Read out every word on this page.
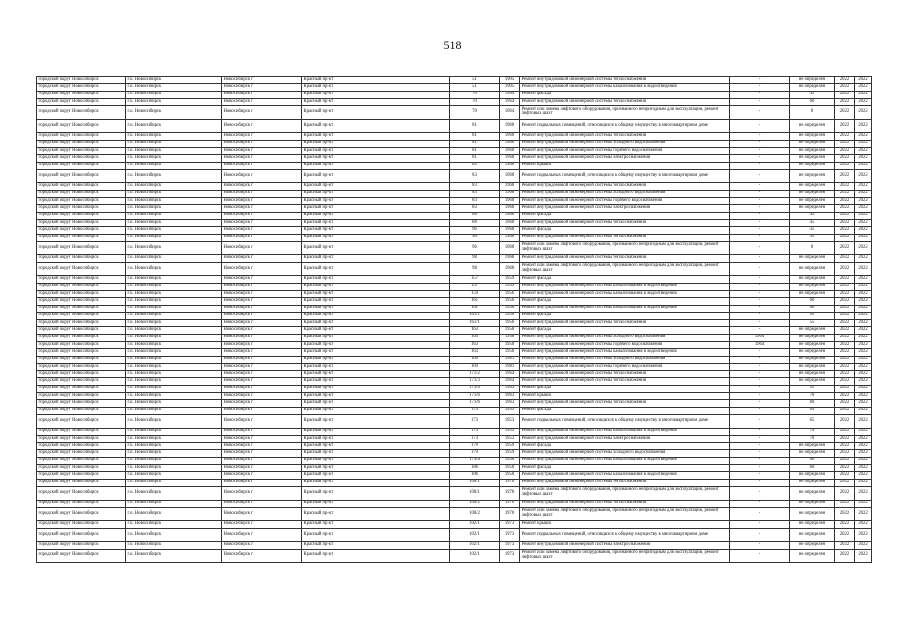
518
городской округ Новосибирск	г.о. Новосибирск	Новосибирск г	Красный пр-кт	51	1905	Ремонт внутридомовой инженерной системы теплоснабжения	-	не определен	2022	2022
городской округ Новосибирск	г.о. Новосибирск	Новосибирск г	Красный пр-кт	51	1905	Ремонт внутридомовой инженерной системы канализования и водоотведения	-	не определен	2022	2022
городской округ Новосибирск	г.о. Новосибирск	Новосибирск г	Красный пр-кт	70	1964	Ремонт фасада	-	45	2022	2022
городской округ Новосибирск	г.о. Новосибирск	Новосибирск г	Красный пр-кт	70	1964	Ремонт внутридомовой инженерной системы теплоснабжения	-	60	2022	2022
городской округ Новосибирск	г.о. Новосибирск	Новосибирск г	Красный пр-кт	70	1964	Ремонт или замена лифтового оборудования, признанного непригодным для эксплуатации, ремонт лифтовых шахт	-	0	2022	2022
городской округ Новосибирск	г.о. Новосибирск	Новосибирск г	Красный пр-кт	81	1968	Ремонт подвальных помещений, относящихся к общему имуществу в многоквартирном доме	-	не определен	2022	2022
городской округ Новосибирск	г.о. Новосибирск	Новосибирск г	Красный пр-кт	81	1968	Ремонт внутридомовой инженерной системы теплоснабжения	-	не определен	2022	2022
городской округ Новосибирск	г.о. Новосибирск	Новосибирск г	Красный пр-кт	81	1968	Ремонт внутридомовой инженерной системы холодного водоснабжения	-	не определен	2022	2022
городской округ Новосибирск	г.о. Новосибирск	Новосибирск г	Красный пр-кт	81	1968	Ремонт внутридомовой инженерной системы горячего водоснабжения	-	не определен	2022	2022
городской округ Новосибирск	г.о. Новосибирск	Новосибирск г	Красный пр-кт	81	1968	Ремонт внутридомовой инженерной системы электроснабжения	-	не определен	2022	2022
городской округ Новосибирск	г.о. Новосибирск	Новосибирск г	Красный пр-кт	83	1968	Ремонт крыши	-	не определен	2022	2022
городской округ Новосибирск	г.о. Новосибирск	Новосибирск г	Красный пр-кт	83	1968	Ремонт подвальных помещений, относящихся к общему имуществу в многоквартирном доме	-	не определен	2022	2022
городской округ Новосибирск	г.о. Новосибирск	Новосибирск г	Красный пр-кт	83	1968	Ремонт внутридомовой инженерной системы теплоснабжения	-	не определен	2022	2022
городской округ Новосибирск	г.о. Новосибирск	Новосибирск г	Красный пр-кт	83	1968	Ремонт внутридомовой инженерной системы холодного водоснабжения	-	не определен	2022	2022
городской округ Новосибирск	г.о. Новосибирск	Новосибирск г	Красный пр-кт	83	1968	Ремонт внутридомовой инженерной системы горячего водоснабжения	-	не определен	2022	2022
городской округ Новосибирск	г.о. Новосибирск	Новосибирск г	Красный пр-кт	83	1968	Ремонт внутридомовой инженерной системы электроснабжения	-	не определен	2022	2022
городской округ Новосибирск	г.о. Новосибирск	Новосибирск г	Красный пр-кт	88	1968	Ремонт фасада	-	45	2022	2022
городской округ Новосибирск	г.о. Новосибирск	Новосибирск г	Красный пр-кт	88	1968	Ремонт внутридомовой инженерной системы теплоснабжения	-	45	2022	2022
городской округ Новосибирск	г.о. Новосибирск	Новосибирск г	Красный пр-кт	96	1968	Ремонт фасада	-	35	2022	2022
городской округ Новосибирск	г.о. Новосибирск	Новосибирск г	Красный пр-кт	96	1968	Ремонт внутридомовой инженерной системы теплоснабжения	-	35	2022	2022
городской округ Новосибирск	г.о. Новосибирск	Новосибирск г	Красный пр-кт	96	1968	Ремонт или замена лифтового оборудования, признанного непригодным для эксплуатации, ремонт лифтовых шахт	-	0	2022	2022
городской округ Новосибирск	г.о. Новосибирск	Новосибирск г	Красный пр-кт	98	1968	Ремонт внутридомовой инженерной системы теплоснабжения	-	не определен	2022	2022
городской округ Новосибирск	г.о. Новосибирск	Новосибирск г	Красный пр-кт	98	1968	Ремонт или замена лифтового оборудования, признанного непригодным для эксплуатации, ремонт лифтовых шахт	-	не определен	2022	2022
городской округ Новосибирск	г.о. Новосибирск	Новосибирск г	Красный пр-кт	157	1959	Ремонт фасада	-	не определен	2022	2022
городской округ Новосибирск	г.о. Новосибирск	Новосибирск г	Красный пр-кт	157	1959	Ремонт внутридомовой инженерной системы канализования и водоотведения	-	не определен	2022	2022
городской округ Новосибирск	г.о. Новосибирск	Новосибирск г	Красный пр-кт	159	1956	Ремонт внутридомовой инженерной системы канализования и водоотведения	-	не определен	2022	2022
городской округ Новосибирск	г.о. Новосибирск	Новосибирск г	Красный пр-кт	161	1956	Ремонт фасада	-	60	2022	2022
городской округ Новосибирск	г.о. Новосибирск	Новосибирск г	Красный пр-кт	161	1956	Ремонт внутридомовой инженерной системы канализования и водоотведения	-	60	2022	2022
городской округ Новосибирск	г.о. Новосибирск	Новосибирск г	Красный пр-кт	161/1	1956	Ремонт фасада	-	55	2022	2022
городской округ Новосибирск	г.о. Новосибирск	Новосибирск г	Красный пр-кт	161/1	1956	Ремонт внутридомовой инженерной системы теплоснабжения	-	55	2022	2022
городской округ Новосибирск	г.о. Новосибирск	Новосибирск г	Красный пр-кт	163	1958	Ремонт фасада	-	не определен	2022	2022
городской округ Новосибирск	г.о. Новосибирск	Новосибирск г	Красный пр-кт	163	1958	Ремонт внутридомовой инженерной системы холодного водоснабжения	1964	не определен	2022	2022
городской округ Новосибирск	г.о. Новосибирск	Новосибирск г	Красный пр-кт	163	1958	Ремонт внутридомовой инженерной системы горячего водоснабжения	1964	не определен	2022	2022
городской округ Новосибирск	г.о. Новосибирск	Новосибирск г	Красный пр-кт	163	1958	Ремонт внутридомовой инженерной системы канализования и водоотведения	-	не определен	2022	2022
городской округ Новосибирск	г.о. Новосибирск	Новосибирск г	Красный пр-кт	169	1981	Ремонт внутридомовой инженерной системы холодного водоснабжения	-	не определен	2022	2022
городской округ Новосибирск	г.о. Новосибирск	Новосибирск г	Красный пр-кт	169	1981	Ремонт внутридомовой инженерной системы горячего водоснабжения	-	не определен	2022	2022
городской округ Новосибирск	г.о. Новосибирск	Новосибирск г	Красный пр-кт	171/2	1964	Ремонт внутридомовой инженерной системы теплоснабжения	-	не определен	2022	2022
городской округ Новосибирск	г.о. Новосибирск	Новосибирск г	Красный пр-кт	171/3	1964	Ремонт внутридомовой инженерной системы теплоснабжения	-	не определен	2022	2022
городской округ Новосибирск	г.о. Новосибирск	Новосибирск г	Красный пр-кт	171/6	1963	Ремонт фасада	-	55	2022	2022
городской округ Новосибирск	г.о. Новосибирск	Новосибирск г	Красный пр-кт	171/6	1963	Ремонт крыши	-	70	2022	2022
городской округ Новосибирск	г.о. Новосибирск	Новосибирск г	Красный пр-кт	171/6	1963	Ремонт внутридомовой инженерной системы теплоснабжения	-	60	2022	2022
городской округ Новосибирск	г.о. Новосибирск	Новосибирск г	Красный пр-кт	173	1953	Ремонт фасада	-	65	2022	2022
городской округ Новосибирск	г.о. Новосибирск	Новосибирск г	Красный пр-кт	173	1953	Ремонт подвальных помещений, относящихся к общему имуществу в многоквартирном доме	-	65	2022	2022
городской округ Новосибирск	г.о. Новосибирск	Новосибирск г	Красный пр-кт	173	1953	Ремонт внутридомовой инженерной системы канализования и водоотведения	-	70	2022	2022
городской округ Новосибирск	г.о. Новосибирск	Новосибирск г	Красный пр-кт	173	1953	Ремонт внутридомовой инженерной системы электроснабжения	-	70	2022	2022
городской округ Новосибирск	г.о. Новосибирск	Новосибирск г	Красный пр-кт	179	1959	Ремонт фасада	-	не определен	2022	2022
городской округ Новосибирск	г.о. Новосибирск	Новосибирск г	Красный пр-кт	179	1959	Ремонт внутридомовой инженерной системы холодного водоснабжения	-	не определен	2022	2022
городской округ Новосибирск	г.о. Новосибирск	Новосибирск г	Красный пр-кт	179/а	1958	Ремонт внутридомовой инженерной системы канализования и водоотведения	-	60	2022	2022
городской округ Новосибирск	г.о. Новосибирск	Новосибирск г	Красный пр-кт	186	1958	Ремонт фасада	-	60	2022	2022
городской округ Новосибирск	г.о. Новосибирск	Новосибирск г	Красный пр-кт	186	1958	Ремонт внутридомовой инженерной системы канализования и водоотведения	-	не определен	2022	2022
городской округ Новосибирск	г.о. Новосибирск	Новосибирск г	Красный пр-кт	100/1	1970	Ремонт внутридомовой инженерной системы теплоснабжения	-	не определен	2022	2022
городской округ Новосибирск	г.о. Новосибирск	Новосибирск г	Красный пр-кт	100/1	1970	Ремонт или замена лифтового оборудования, признанного непригодным для эксплуатации, ремонт лифтовых шахт	-	не определен	2022	2022
городской округ Новосибирск	г.о. Новосибирск	Новосибирск г	Красный пр-кт	100/2	1970	Ремонт внутридомовой инженерной системы теплоснабжения	-	не определен	2022	2022
городской округ Новосибирск	г.о. Новосибирск	Новосибирск г	Красный пр-кт	100/2	1970	Ремонт или замена лифтового оборудования, признанного непригодным для эксплуатации, ремонт лифтовых шахт	-	не определен	2022	2022
городской округ Новосибирск	г.о. Новосибирск	Новосибирск г	Красный пр-кт	102/1	1973	Ремонт крыши	-	не определен	2022	2022
городской округ Новосибирск	г.о. Новосибирск	Новосибирск г	Красный пр-кт	102/1	1973	Ремонт подвальных помещений, относящихся к общему имуществу в многоквартирном доме	-	не определен	2022	2022
городской округ Новосибирск	г.о. Новосибирск	Новосибирск г	Красный пр-кт	102/1	1973	Ремонт внутридомовой инженерной системы электроснабжения	-	не определен	2022	2022
городской округ Новосибирск	г.о. Новосибирск	Новосибирск г	Красный пр-кт	102/1	1973	Ремонт или замена лифтового оборудования, признанного непригодным для эксплуатации, ремонт лифтовых шахт	-	не определен	2022	2022
